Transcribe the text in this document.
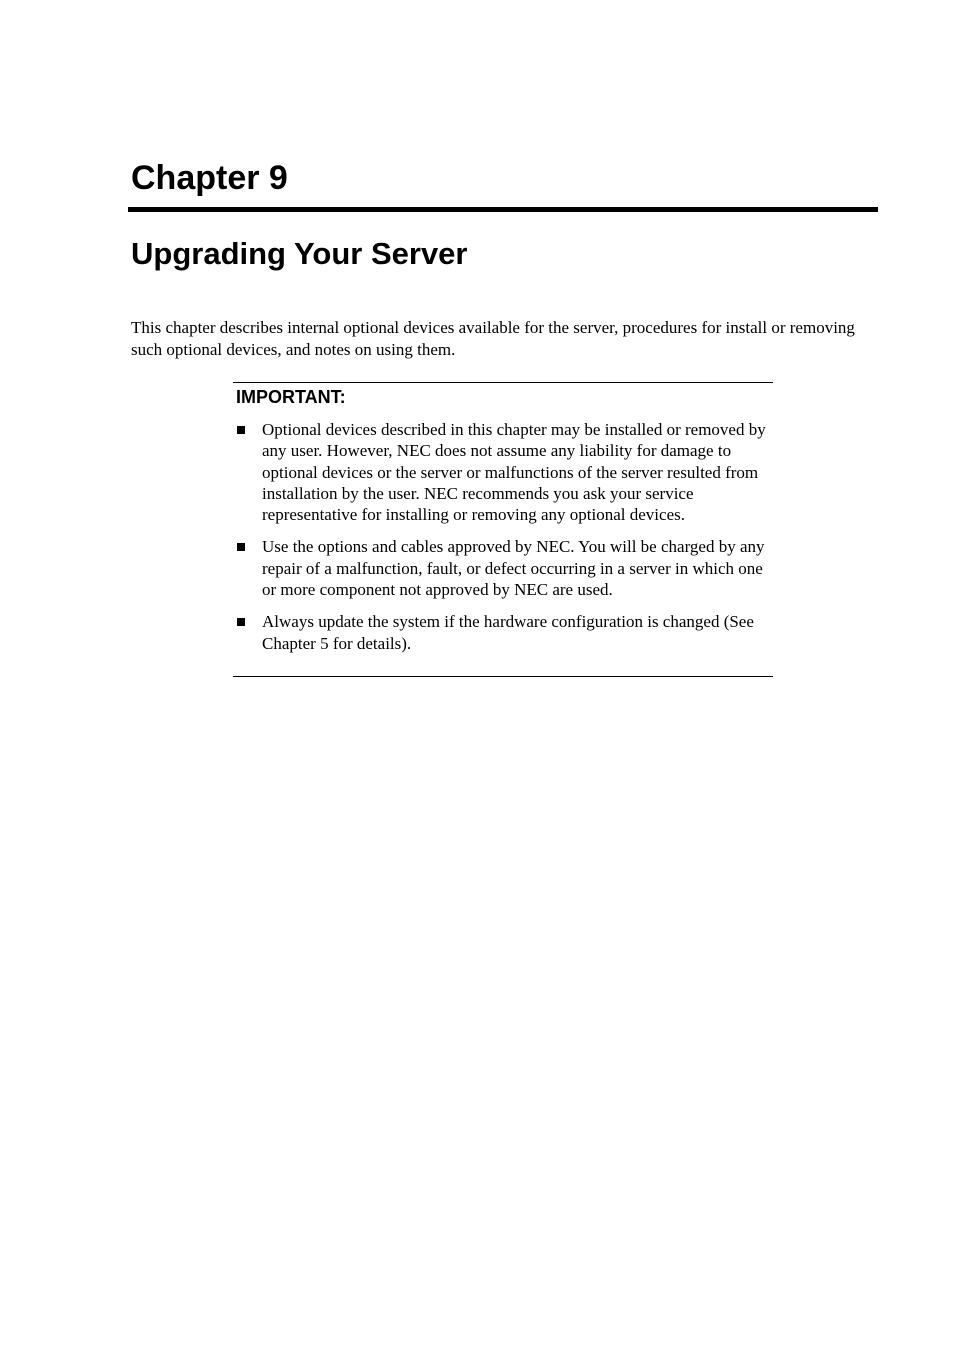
Chapter 9
Upgrading Your Server

This chapter describes internal optional devices available for the server, procedures for install or removing such optional devices, and notes on using them.

IMPORTANT:
Optional devices described in this chapter may be installed or removed by any user. However, NEC does not assume any liability for damage to optional devices or the server or malfunctions of the server resulted from installation by the user. NEC recommends you ask your service representative for installing or removing any optional devices.
Use the options and cables approved by NEC. You will be charged by any repair of a malfunction, fault, or defect occurring in a server in which one or more component not approved by NEC are used.
Always update the system if the hardware configuration is changed (See Chapter 5 for details).
